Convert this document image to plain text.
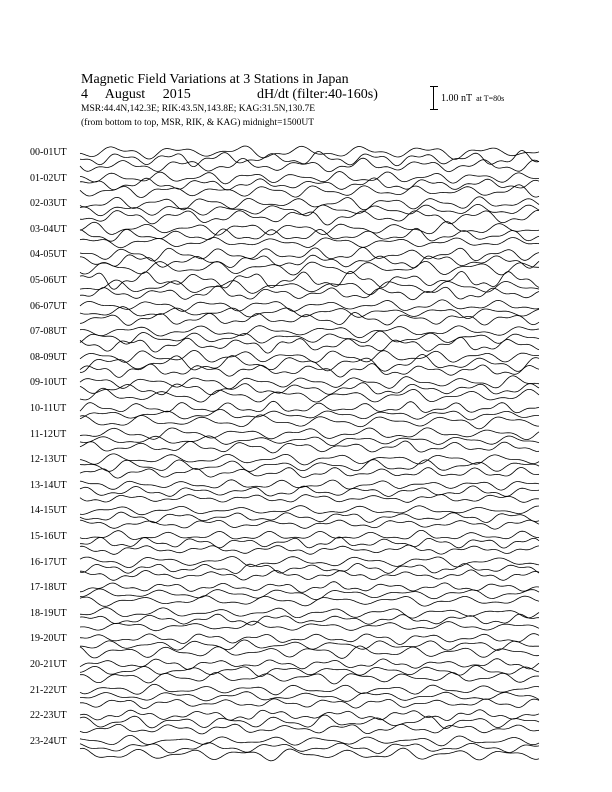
Magnetic Field Variations at 3 Stations in Japan
4 August 2015	dH/dt (filter:40-160s)
MSR:44.4N,142.3E; RIK:43.5N,143.8E; KAG:31.5N,130.7E
(from bottom to top, MSR, RIK, & KAG) midnight=1500UT
1.00 nT at T=80s
00-01UT
01-02UT
02-03UT
03-04UT
04-05UT
05-06UT
06-07UT
07-08UT
08-09UT
09-10UT
10-11UT
11-12UT
12-13UT
13-14UT
14-15UT
15-16UT
16-17UT
17-18UT
18-19UT
19-20UT
20-21UT
21-22UT
22-23UT
23-24UT
